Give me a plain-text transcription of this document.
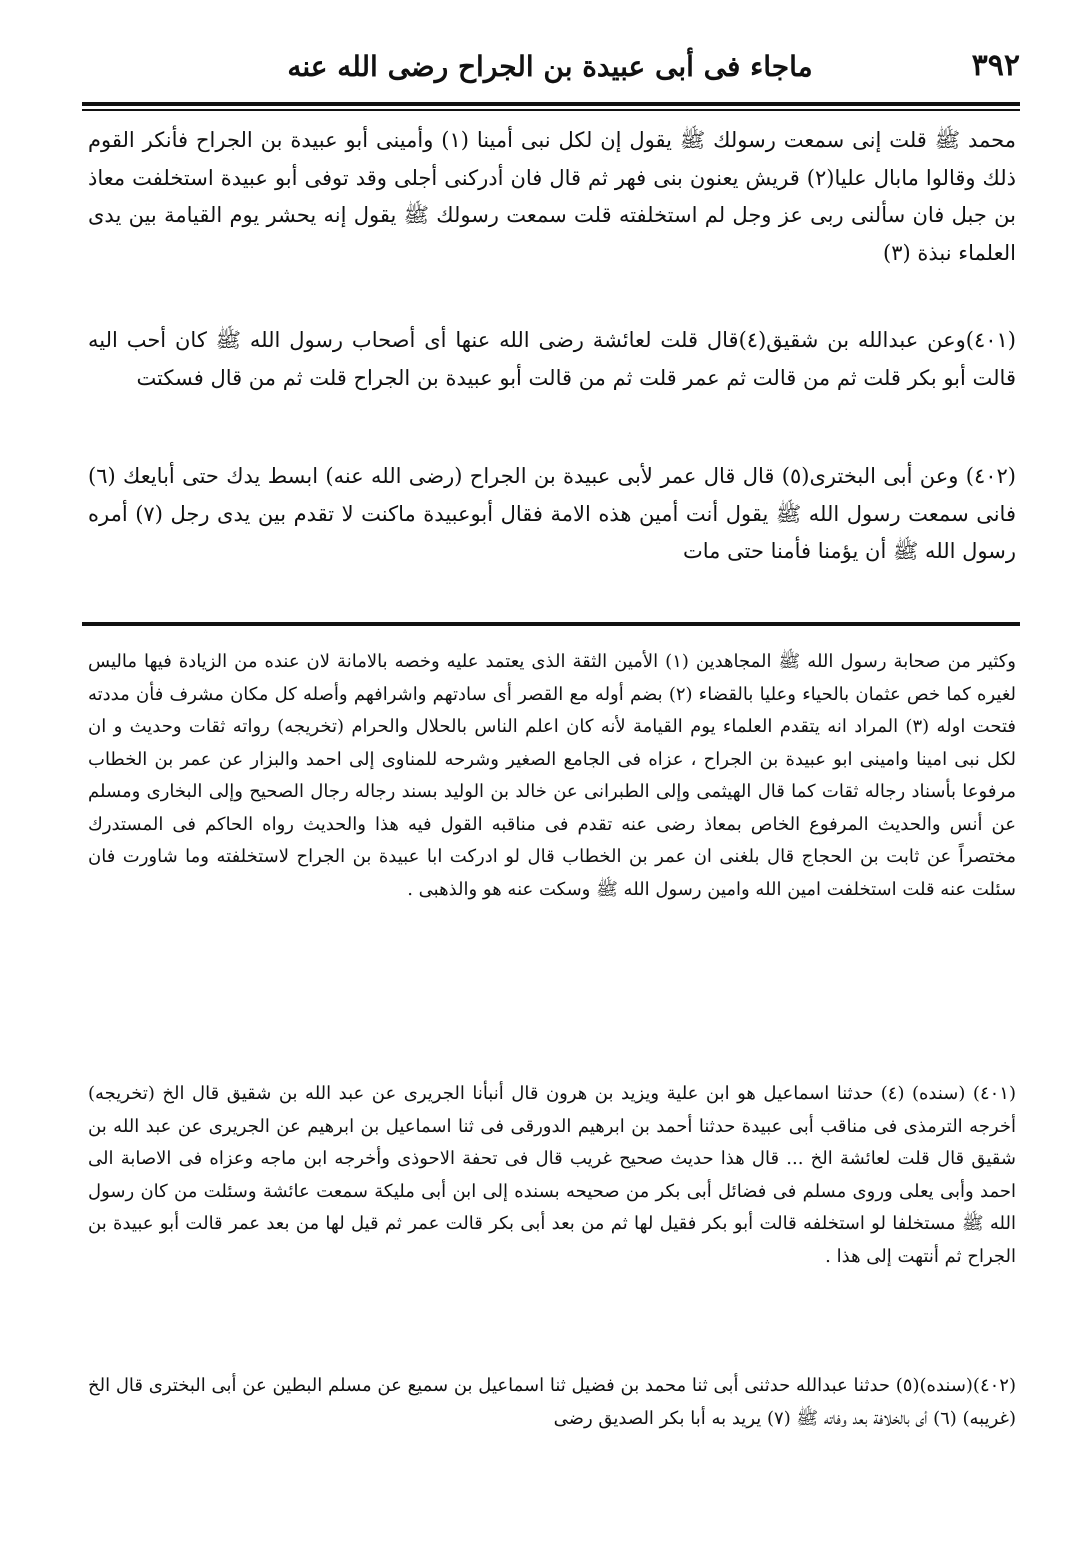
٣٩٢
ماجاء فى أبى عبيدة بن الجراح رضى الله عنه

محمد ﷺ قلت إنى سمعت رسولك ﷺ يقول إن لكل نبى أمينا (١) وأمينى أبو عبيدة بن الجراح فأنكر القوم ذلك وقالوا مابال عليا(٢) قريش يعنون بنى فهر ثم قال فان أدركنى أجلى وقد توفى أبو عبيدة استخلفت معاذ بن جبل فان سألنى ربى عز وجل لم استخلفته قلت سمعت رسولك ﷺ يقول إنه يحشر يوم القيامة بين يدى العلماء نبذة (٣)

(٤٠١)وعن عبدالله بن شقيق(٤)قال قلت لعائشة رضى الله عنها أى أصحاب رسول الله ﷺ كان أحب اليه قالت أبو بكر قلت ثم من قالت ثم عمر قلت ثم من قالت أبو عبيدة بن الجراح قلت ثم من قال فسكتت

(٤٠٢) وعن أبى البخترى(٥) قال قال عمر لأبى عبيدة بن الجراح (رضى الله عنه) ابسط يدك حتى أبايعك (٦) فانى سمعت رسول الله ﷺ يقول أنت أمين هذه الامة فقال أبوعبيدة ماكنت لا تقدم بين يدى رجل (٧) أمره رسول الله ﷺ أن يؤمنا فأمنا حتى مات

وكثير من صحابة رسول الله ﷺ المجاهدين (١) الأمين الثقة الذى يعتمد عليه وخصه بالامانة لان عنده من الزيادة فيها ماليس لغيره كما خص عثمان بالحياء وعليا بالقضاء (٢) بضم أوله مع القصر أى سادتهم واشرافهم وأصله كل مكان مشرف فأن مددته فتحت اوله (٣) المراد انه يتقدم العلماء يوم القيامة لأنه كان اعلم الناس بالحلال والحرام (تخريجه) رواته ثقات وحديث و ان لكل نبى امينا وامينى ابو عبيدة بن الجراح ، عزاه فى الجامع الصغير وشرحه للمناوى إلى احمد والبزار عن عمر بن الخطاب مرفوعا بأسناد رجاله ثقات كما قال الهيثمى وإلى الطبرانى عن خالد بن الوليد بسند رجاله رجال الصحيح وإلى البخارى ومسلم عن أنس والحديث المرفوع الخاص بمعاذ رضى عنه تقدم فى مناقبه القول فيه هذا والحديث رواه الحاكم فى المستدرك مختصراً عن ثابت بن الحجاج قال بلغنى ان عمر بن الخطاب قال لو ادركت ابا عبيدة بن الجراح لاستخلفته وما شاورت فان سئلت عنه قلت استخلفت امين الله وامين رسول الله ﷺ وسكت عنه هو والذهبى .

(٤٠١) (سنده) (٤) حدثنا اسماعيل هو ابن علية ويزيد بن هرون قال أنبأنا الجريرى عن عبد الله بن شقيق قال الخ (تخريجه) أخرجه الترمذى فى مناقب أبى عبيدة حدثنا أحمد بن ابرهيم الدورقى فى ثنا اسماعيل بن ابرهيم عن الجريرى عن عبد الله بن شقيق قال قلت لعائشة الخ ... قال هذا حديث صحيح غريب قال فى تحفة الاحوذى وأخرجه ابن ماجه وعزاه فى الاصابة الى احمد وأبى يعلى وروى مسلم فى فضائل أبى بكر من صحيحه بسنده إلى ابن أبى مليكة سمعت عائشة وسئلت من كان رسول الله ﷺ مستخلفا لو استخلفه قالت أبو بكر فقيل لها ثم من بعد أبى بكر قالت عمر ثم قيل لها من بعد عمر قالت أبو عبيدة بن الجراح ثم أنتهت إلى هذا .

(٤٠٢)(سنده)(٥) حدثنا عبدالله حدثنى أبى ثنا محمد بن فضيل ثنا اسماعيل بن سميع عن مسلم البطين عن أبى البخترى قال الخ (غريبه) (٦) أى بالخلافة بعد وفاته ﷺ (٧) يريد به أبا بكر الصديق رضى
